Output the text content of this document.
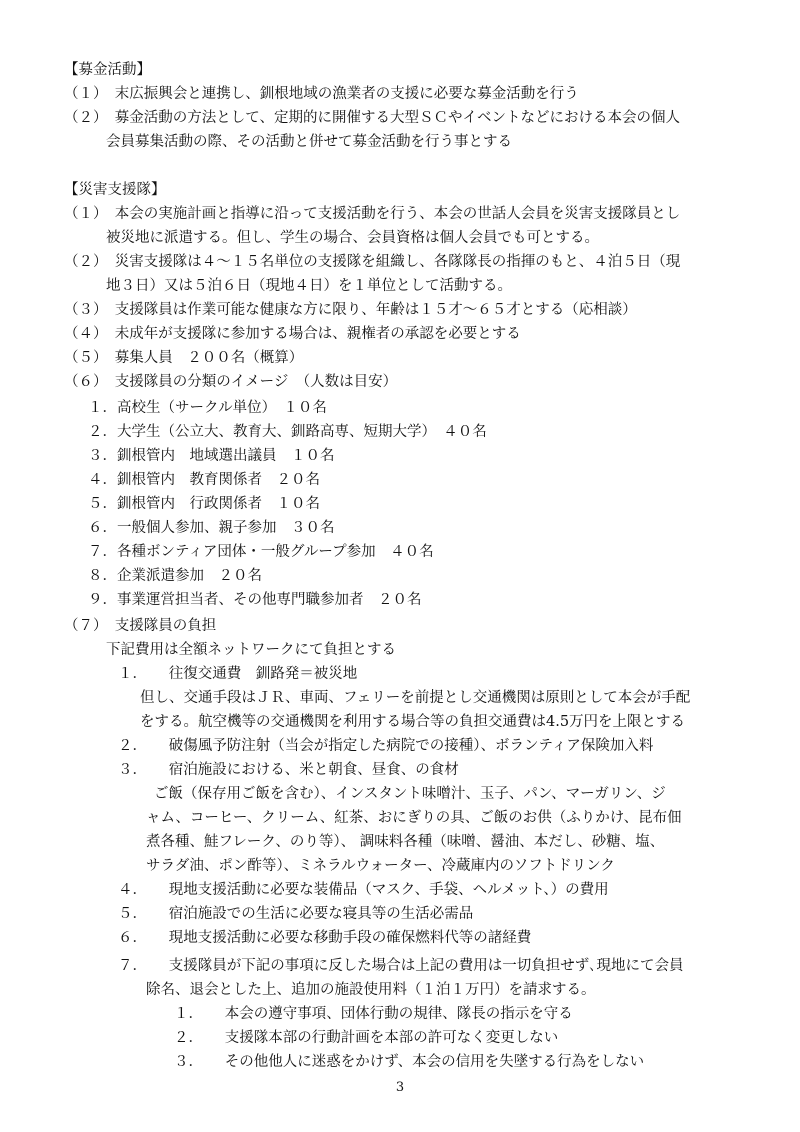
【募金活動】
（１）　末広振興会と連携し、釧根地域の漁業者の支援に必要な募金活動を行う
（２）　募金活動の方法として、定期的に開催する大型ＳＣやイベントなどにおける本会の個人
会員募集活動の際、その活動と併せて募金活動を行う事とする
【災害支援隊】
（１）　本会の実施計画と指導に沿って支援活動を行う、本会の世話人会員を災害支援隊員とし
被災地に派遣する。但し、学生の場合、会員資格は個人会員でも可とする。
（２）　災害支援隊は４～１５名単位の支援隊を組織し、各隊隊長の指揮のもと、４泊５日（現
地３日）又は５泊６日（現地４日）を１単位として活動する。
（３）　支援隊員は作業可能な健康な方に限り、年齢は１５才～６５才とする（応相談）
（４）　未成年が支援隊に参加する場合は、親権者の承認を必要とする
（５）　募集人員　２００名（概算）
（６）　支援隊員の分類のイメージ　（人数は目安）
１．高校生（サークル単位）　１０名
２．大学生（公立大、教育大、釧路高専、短期大学）　４０名
３．釧根管内　地域選出議員　１０名
４．釧根管内　教育関係者　２０名
５．釧根管内　行政関係者　１０名
６．一般個人参加、親子参加　３０名
７．各種ボンティア団体・一般グループ参加　４０名
８．企業派遣参加　２０名
９．事業運営担当者、その他専門職参加者　２０名
（７）　支援隊員の負担
下記費用は全額ネットワークにて負担とする
１．　　往復交通費　釧路発＝被災地
但し、交通手段はＪＲ、車両、フェリーを前提とし交通機関は原則として本会が手配
をする。航空機等の交通機関を利用する場合等の負担交通費は4.5万円を上限とする
２．　　破傷風予防注射（当会が指定した病院での接種）、ボランティア保険加入料
３．　　宿泊施設における、米と朝食、昼食、の食材
ご飯（保存用ご飯を含む）、インスタント味噌汁、玉子、パン、マーガリン、ジ
ャム、コーヒー、クリーム、紅茶、おにぎりの具、ご飯のお供（ふりかけ、昆布佃
煮各種、鮭フレーク、のり等）、 調味料各種（味噌、醤油、本だし、砂糖、塩、
サラダ油、ポン酢等）、ミネラルウォーター、冷蔵庫内のソフトドリンク
４．　　現地支援活動に必要な装備品（マスク、手袋、ヘルメット、）の費用
５．　　宿泊施設での生活に必要な寝具等の生活必需品
６．　　現地支援活動に必要な移動手段の確保燃料代等の諸経費
７．　　支援隊員が下記の事項に反した場合は上記の費用は一切負担せず､現地にて会員
除名、退会とした上、追加の施設使用料（１泊１万円）を請求する。
１．　　本会の遵守事項、団体行動の規律、隊長の指示を守る
２．　　支援隊本部の行動計画を本部の許可なく変更しない
３．　　その他他人に迷惑をかけず、本会の信用を失墜する行為をしない
3
